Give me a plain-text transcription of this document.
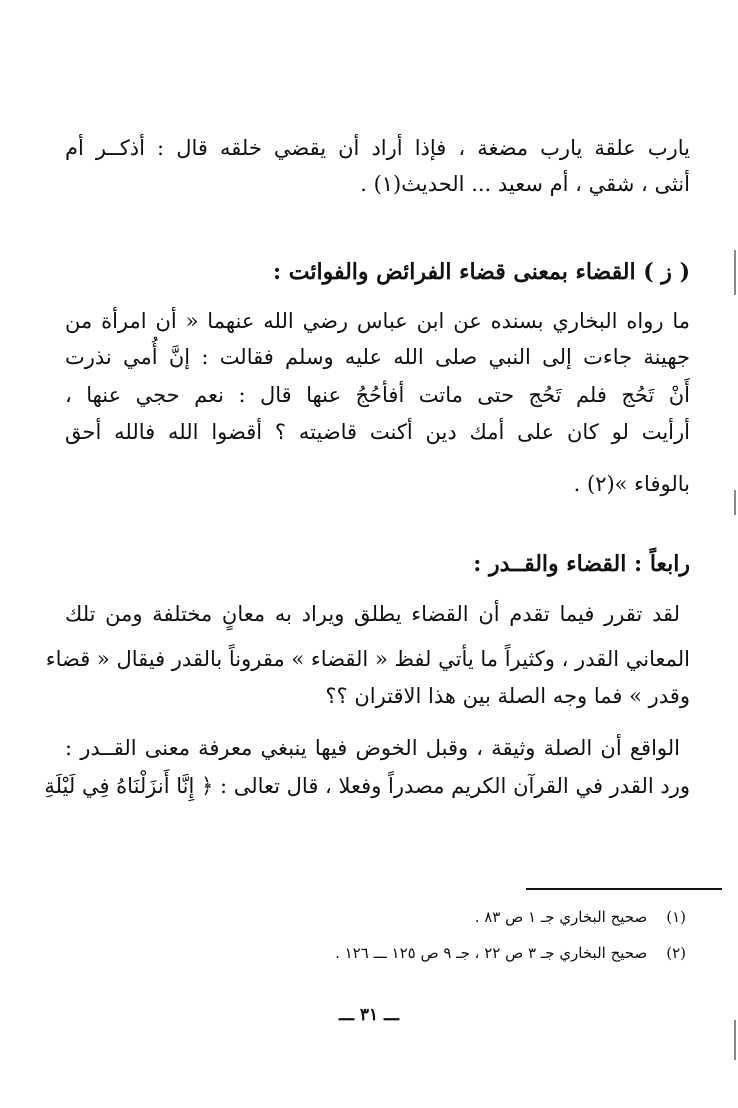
يارب علقة يارب مضغة ، فإذا أراد أن يقضي خلقه قال : أذكــر أم
أنثى ، شقي ، أم سعيد ... الحديث(١) .
( ز ) القضاء بمعنى قضاء الفرائض والفوائت :
ما رواه البخاري بسنده عن ابن عباس رضي الله عنهما « أن امرأة من
جهينة جاءت إلى النبي صلى الله عليه وسلم فقالت : إنَّ أُمي نذرت
أَنْ تَحُج فلم تَحُج حتى ماتت أفأحُجُ عنها قال : نعم حجي عنها ،
أرأيت لو كان على أمك دين أكنت قاضيته ؟ أقضوا الله فالله أحق
بالوفاء »(٢) .
رابعاً : القضاء والقــدر :
لقد تقرر فيما تقدم أن القضاء يطلق ويراد به معانٍ مختلفة ومن تلك
المعاني القدر ، وكثيراً ما يأتي لفظ « القضاء » مقروناً بالقدر فيقال « قضاء
وقدر » فما وجه الصلة بين هذا الاقتران ؟؟
الواقع أن الصلة وثيقة ، وقبل الخوض فيها ينبغي معرفة معنى القــدر :
ورد القدر في القرآن الكريم مصدراً وفعلا ، قال تعالى : ﴿ إِنَّا أَنزَلْنَاهُ فِي لَيْلَةِ
(١) صحيح البخاري جـ ١ ص ٨٣ .
(٢) صحيح البخاري جـ ٣ ص ٢٢ ، جـ ٩ ص ١٢٥ ـــ ١٢٦ .
ـــ ٣١ ـــ
